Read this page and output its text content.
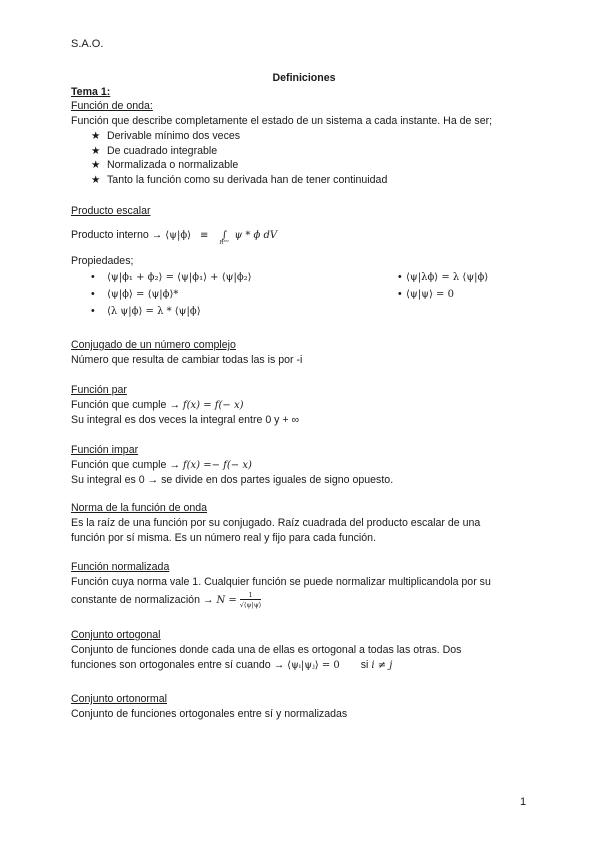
S.A.O.
Definiciones
Tema 1:
Función de onda:
Función que describe completamente el estado de un sistema a cada instante. Ha de ser;
★ Derivable mínimo dos veces
★ De cuadrado integrable
★ Normalizada o normalizable
★ Tanto la función como su derivada han de tener continuidad
Producto escalar
Producto interno → ⟨ψ|ϕ⟩ ≡ ∫
R³ᴺ
ψ * ϕ dV
Propiedades;
• ⟨ψ|ϕ₁ + ϕ₂⟩ = ⟨ψ|ϕ₁⟩ + ⟨ψ|ϕ₂⟩
• ⟨ψ|ϕ⟩ = ⟨ψ|ϕ⟩*
• ⟨λ ψ|ϕ⟩ = λ * ⟨ψ|ϕ⟩
• ⟨ψ|λϕ⟩ = λ ⟨ψ|ϕ⟩
• ⟨ψ|ψ⟩ = 0
Conjugado de un número complejo
Número que resulta de cambiar todas las is por -i
Función par
Función que cumple → f(x) = f(− x)
Su integral es dos veces la integral entre 0 y + ∞
Función impar
Función que cumple → f(x) =− f(− x)
Su integral es 0 → se divide en dos partes iguales de signo opuesto.
Norma de la función de onda
Es la raíz de una función por su conjugado. Raíz cuadrada del producto escalar de una
función por sí misma. Es un número real y fijo para cada función.
Función normalizada
Función cuya norma vale 1. Cualquier función se puede normalizar multiplicandola por su
constante de normalización → $N = \frac{1}{√⟨\psi|\psi⟩}$
Conjunto ortogonal
Conjunto de funciones donde cada una de ellas es ortogonal a todas las otras. Dos
funciones son ortogonales entre sí cuando → ⟨ψᵢ|ψⱼ⟩ = 0 si i ≠ j
Conjunto ortonormal
Conjunto de funciones ortogonales entre sí y normalizadas
1
